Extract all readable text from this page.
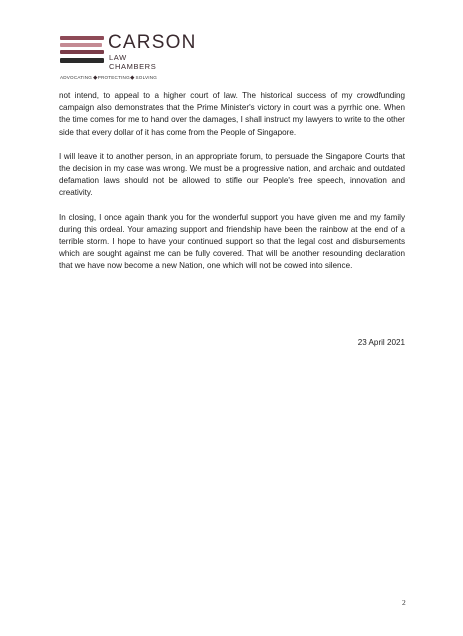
CARSON
LAW
CHAMBERS
ADVOCATING PROTECTING SOLVING

not intend, to appeal to a higher court of law. The historical success of my crowdfunding campaign also demonstrates that the Prime Minister's victory in court was a pyrrhic one. When the time comes for me to hand over the damages, I shall instruct my lawyers to write to the other side that every dollar of it has come from the People of Singapore.

I will leave it to another person, in an appropriate forum, to persuade the Singapore Courts that the decision in my case was wrong. We must be a progressive nation, and archaic and outdated defamation laws should not be allowed to stifle our People's free speech, innovation and creativity.

In closing, I once again thank you for the wonderful support you have given me and my family during this ordeal. Your amazing support and friendship have been the rainbow at the end of a terrible storm. I hope to have your continued support so that the legal cost and disbursements which are sought against me can be fully covered. That will be another resounding declaration that we have now become a new Nation, one which will not be cowed into silence.

23 April 2021
2
